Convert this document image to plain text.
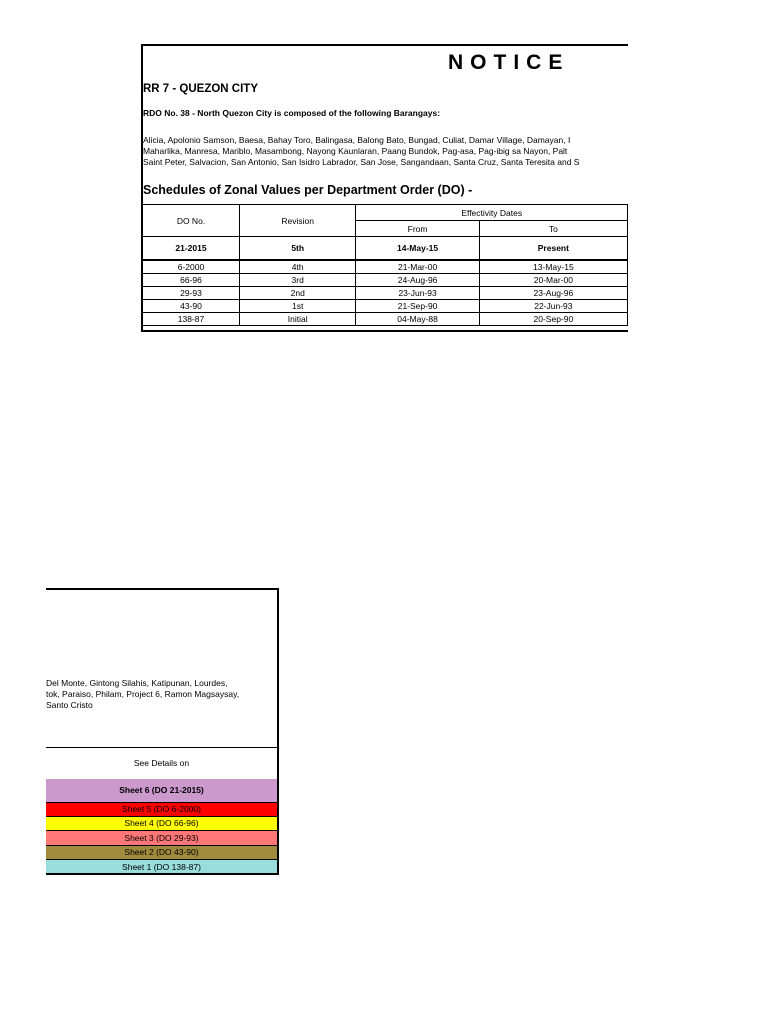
NOTICE
RR 7 - QUEZON CITY
RDO No. 38 - North Quezon City is composed of the following Barangays:
Alicia, Apolonio Samson, Baesa, Bahay Toro, Balingasa, Balong Bato, Bungad, Culiat, Damar Village, Damayan, I
Maharlika, Manresa, Mariblo, Masambong, Nayong Kaunlaran, Paang Bundok, Pag-asa, Pag-ibig sa Nayon, Palt
Saint Peter, Salvacion, San Antonio, San Isidro Labrador, San Jose, Sangandaan, Santa Cruz, Santa Teresita and S
Schedules of Zonal Values per Department Order (DO) -
DO No.	Revision	Effectivity Dates	
		From	To
21-2015	5th	14-May-15	Present
6-2000	4th	21-Mar-00	13-May-15
66-96	3rd	24-Aug-96	20-Mar-00
29-93	2nd	23-Jun-93	23-Aug-96
43-90	1st	21-Sep-90	22-Jun-93
138-87	Initial	04-May-88	20-Sep-90
Del Monte, Gintong Silahis, Katipunan, Lourdes,
tok, Paraiso, Philam, Project 6, Ramon Magsaysay,
Santo Cristo
See Details on
Sheet 6 (DO 21-2015)
Sheet 5 (DO 6-2000)
Sheet 4 (DO 66-96)
Sheet 3 (DO 29-93)
Sheet 2 (DO 43-90)
Sheet 1 (DO 138-87)
